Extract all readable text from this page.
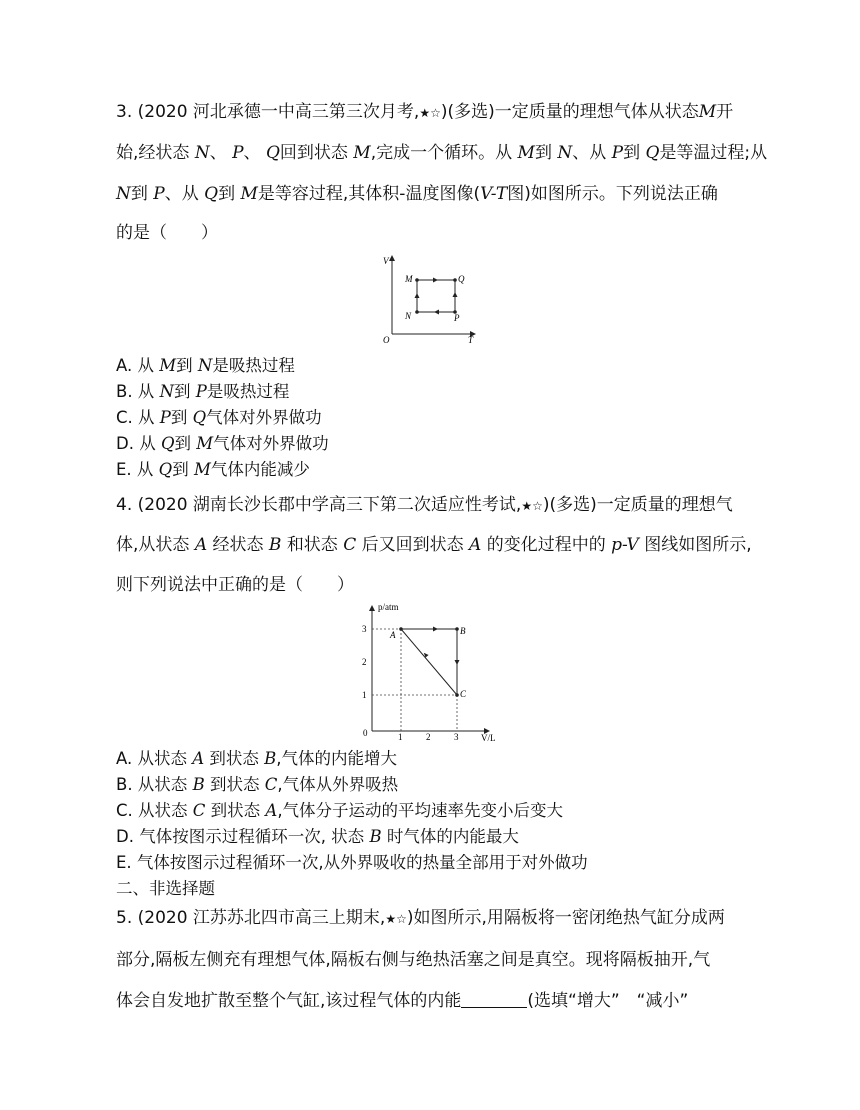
3. (2020 河北承德一中高三第三次月考,★☆)(多选)一定质量的理想气体从状态M开
始,经状态 N、 P、 Q回到状态 M,完成一个循环。从 M到 N、从 P到 Q是等温过程;从
N到 P、从 Q到 M是等容过程,其体积-温度图像(V-T图)如图所示。下列说法正确
的是（　　）
V
T
O
M	Q
N	P
A. 从 M到 N是吸热过程
B. 从 N到 P是吸热过程
C. 从 P到 Q气体对外界做功
D. 从 Q到 M气体对外界做功
E. 从 Q到 M气体内能减少
4. (2020 湖南长沙长郡中学高三下第二次适应性考试,★☆)(多选)一定质量的理想气
体,从状态 A 经状态 B 和状态 C 后又回到状态 A 的变化过程中的 p-V 图线如图所示,
则下列说法中正确的是（　　）
p/atm
V/L
0
1
2
3
1	2	3
A	B
C
A. 从状态 A 到状态 B,气体的内能增大
B. 从状态 B 到状态 C,气体从外界吸热
C. 从状态 C 到状态 A,气体分子运动的平均速率先变小后变大
D. 气体按图示过程循环一次, 状态 B 时气体的内能最大
E. 气体按图示过程循环一次,从外界吸收的热量全部用于对外做功
二、非选择题
5. (2020 江苏苏北四市高三上期末,★☆)如图所示,用隔板将一密闭绝热气缸分成两
部分,隔板左侧充有理想气体,隔板右侧与绝热活塞之间是真空。现将隔板抽开,气
体会自发地扩散至整个气缸,该过程气体的内能	(选填“增大”　“减小”
